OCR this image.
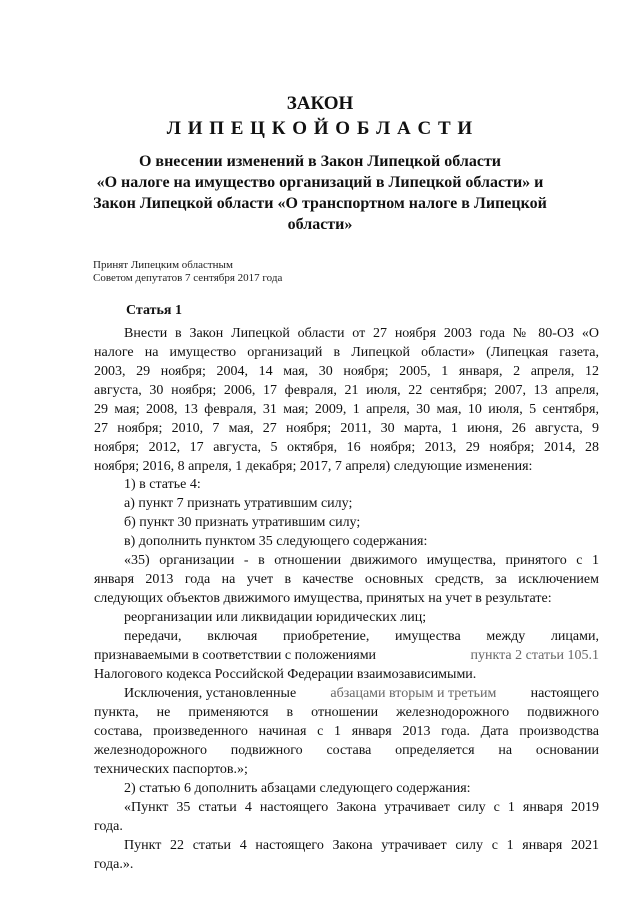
ЗАКОН
Л И П Е Ц К О Й О Б Л А С Т И
О внесении изменений в Закон Липецкой области
«О налоге на имущество организаций в Липецкой области» и
Закон Липецкой области «О транспортном налоге в Липецкой
области»
Принят Липецким областным
Советом депутатов 7 сентября 2017 года
Статья 1
Внести в Закон Липецкой области от 27 ноября 2003 года № 80-ОЗ «О
налоге на имущество организаций в Липецкой области» (Липецкая газета,
2003, 29 ноября; 2004, 14 мая, 30 ноября; 2005, 1 января, 2 апреля, 12
августа, 30 ноября; 2006, 17 февраля, 21 июля, 22 сентября; 2007, 13 апреля,
29 мая; 2008, 13 февраля, 31 мая; 2009, 1 апреля, 30 мая, 10 июля, 5 сентября,
27 ноября; 2010, 7 мая, 27 ноября; 2011, 30 марта, 1 июня, 26 августа, 9
ноября; 2012, 17 августа, 5 октября, 16 ноября; 2013, 29 ноября; 2014, 28
ноября; 2016, 8 апреля, 1 декабря; 2017, 7 апреля) следующие изменения:
1) в статье 4:
а) пункт 7 признать утратившим силу;
б) пункт 30 признать утратившим силу;
в) дополнить пунктом 35 следующего содержания:
«35) организации - в отношении движимого имущества, принятого с 1
января 2013 года на учет в качестве основных средств, за исключением
следующих объектов движимого имущества, принятых на учет в результате:
реорганизации или ликвидации юридических лиц;
передачи, включая приобретение, имущества между лицами,
признаваемыми в соответствии с положениями	пункта 2 статьи 105.1
Налогового кодекса Российской Федерации взаимозависимыми.
Исключения, установленные абзацами вторым и третьим настоящего
пункта, не применяются в отношении железнодорожного подвижного
состава, произведенного начиная с 1 января 2013 года. Дата производства
железнодорожного подвижного состава определяется на основании
технических паспортов.»;
2) статью 6 дополнить абзацами следующего содержания:
«Пункт 35 статьи 4 настоящего Закона утрачивает силу с 1 января 2019
года.
Пункт 22 статьи 4 настоящего Закона утрачивает силу с 1 января 2021
года.».
